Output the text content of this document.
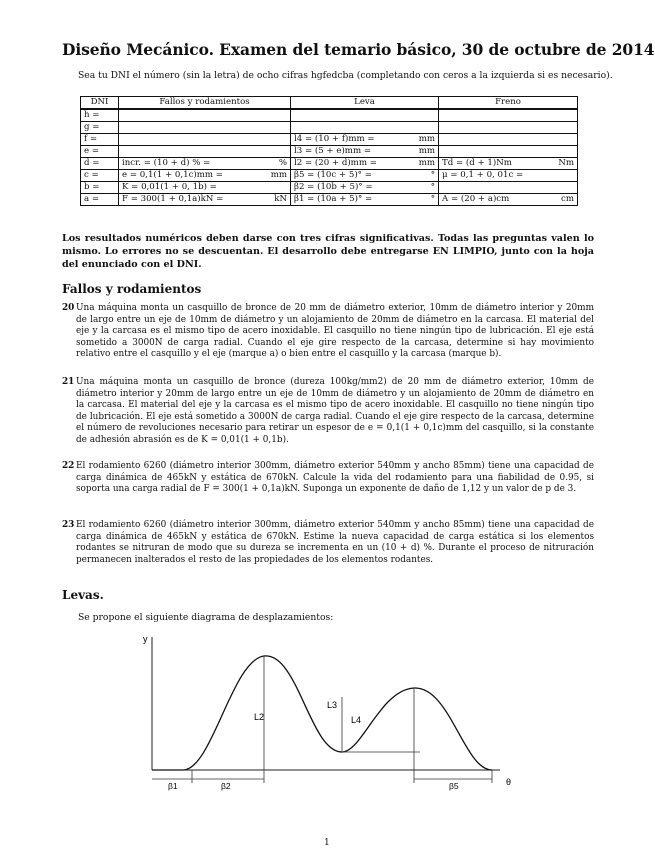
Diseño Mecánico. Examen del temario básico, 30 de octubre de 2014
Sea tu DNI el número (sin la letra) de ocho cifras hgfedcba (completando con ceros a la izquierda si es necesario).
DNI	Fallos y rodamientos	Leva	Freno
h =	

g =	

f =		l4 = (10 + f)mm = mm	

e =		l3 = (5 + e)mm = mm	

d =	incr. = (10 + d) % = %	l2 = (20 + d)mm = mm	Td = (d + 1)Nm Nm

c =	e = 0,1(1 + 0,1c)mm = mm	β5 = (10c + 5)° = °	μ = 0,1 + 0, 01c =

b =	K = 0,01(1 + 0, 1b) =	β2 = (10b + 5)° = °	

a =	F = 300(1 + 0,1a)kN = kN	β1 = (10a + 5)° = °	A = (20 + a)cm cm
Los resultados numéricos deben darse con tres cifras significativas. Todas las preguntas valen lo mismo. Lo errores no se descuentan. El desarrollo debe entregarse EN LIMPIO, junto con la hoja del enunciado con el DNI.
Fallos y rodamientos
20 Una máquina monta un casquillo de bronce de 20 mm de diámetro exterior, 10mm de diámetro interior y 20mm de largo entre un eje de 10mm de diámetro y un alojamiento de 20mm de diámetro en la carcasa. El material del eje y la carcasa es el mismo tipo de acero inoxidable. El casquillo no tiene ningún tipo de lubricación. El eje está sometido a 3000N de carga radial. Cuando el eje gire respecto de la carcasa, determine si hay movimiento relativo entre el casquillo y el eje (marque a) o bien entre el casquillo y la carcasa (marque b).
21 Una máquina monta un casquillo de bronce (dureza 100kg/mm2) de 20 mm de diámetro exterior, 10mm de diámetro interior y 20mm de largo entre un eje de 10mm de diámetro y un alojamiento de 20mm de diámetro en la carcasa. El material del eje y la carcasa es el mismo tipo de acero inoxidable. El casquillo no tiene ningún tipo de lubricación. El eje está sometido a 3000N de carga radial. Cuando el eje gire respecto de la carcasa, determine el número de revoluciones necesario para retirar un espesor de e = 0,1(1 + 0,1c)mm del casquillo, si la constante de adhesión abrasión es de K = 0,01(1 + 0,1b).
22 El rodamiento 6260 (diámetro interior 300mm, diámetro exterior 540mm y ancho 85mm) tiene una capacidad de carga dinámica de 465kN y estática de 670kN. Calcule la vida del rodamiento para una fiabilidad de 0.95, si soporta una carga radial de F = 300(1 + 0,1a)kN. Suponga un exponente de daño de 1,12 y un valor de p de 3.
23 El rodamiento 6260 (diámetro interior 300mm, diámetro exterior 540mm y ancho 85mm) tiene una capacidad de carga dinámica de 465kN y estática de 670kN. Estime la nueva capacidad de carga estática si los elementos rodantes se nitruran de modo que su dureza se incrementa en un (10 + d) %. Durante el proceso de nitruración permanecen inalterados el resto de las propiedades de los elementos rodantes.
Levas.
Se propone el siguiente diagrama de desplazamientos:
y
θ
L2
L3
L4
β1	β2	β5
1
